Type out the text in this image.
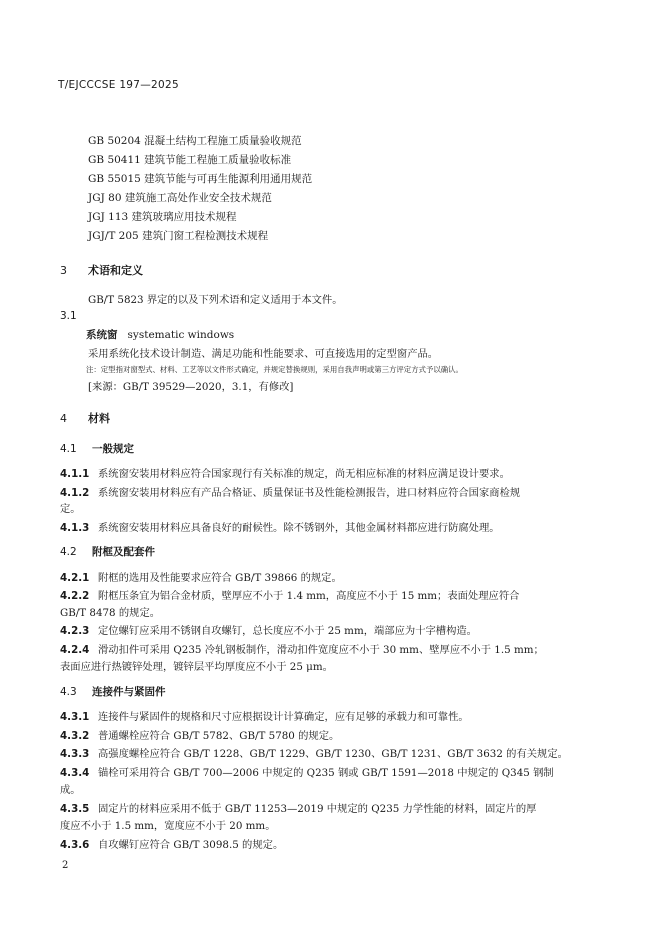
T/EJCCCSE 197—2025
GB 50204 混凝土结构工程施工质量验收规范
GB 50411 建筑节能工程施工质量验收标准
GB 55015 建筑节能与可再生能源利用通用规范
JGJ 80 建筑施工高处作业安全技术规范
JGJ 113 建筑玻璃应用技术规程
JGJ/T 205 建筑门窗工程检测技术规程
3 术语和定义
GB/T 5823 界定的以及下列术语和定义适用于本文件。
3.1
系统窗 systematic windows
采用系统化技术设计制造、满足功能和性能要求、可直接选用的定型窗产品。
注：定型指对窗型式、材料、工艺等以文件形式确定，并规定替换规则，采用自我声明或第三方评定方式予以确认。
[来源：GB/T 39529—2020，3.1，有修改]
4 材料
4.1 一般规定
4.1.1 系统窗安装用材料应符合国家现行有关标准的规定，尚无相应标准的材料应满足设计要求。
4.1.2 系统窗安装用材料应有产品合格证、质量保证书及性能检测报告，进口材料应符合国家商检规
定。
4.1.3 系统窗安装用材料应具备良好的耐候性。除不锈钢外，其他金属材料都应进行防腐处理。
4.2 附框及配套件
4.2.1 附框的选用及性能要求应符合 GB/T 39866 的规定。
4.2.2 附框压条宜为铝合金材质，壁厚应不小于 1.4 mm，高度应不小于 15 mm；表面处理应符合
GB/T 8478 的规定。
4.2.3 定位螺钉应采用不锈钢自攻螺钉，总长度应不小于 25 mm，端部应为十字槽构造。
4.2.4 滑动扣件可采用 Q235 冷轧钢板制作，滑动扣件宽度应不小于 30 mm、壁厚应不小于 1.5 mm；
表面应进行热镀锌处理，镀锌层平均厚度应不小于 25 μm。
4.3 连接件与紧固件
4.3.1 连接件与紧固件的规格和尺寸应根据设计计算确定，应有足够的承载力和可靠性。
4.3.2 普通螺栓应符合 GB/T 5782、GB/T 5780 的规定。
4.3.3 高强度螺栓应符合 GB/T 1228、GB/T 1229、GB/T 1230、GB/T 1231、GB/T 3632 的有关规定。
4.3.4 锚栓可采用符合 GB/T 700—2006 中规定的 Q235 钢或 GB/T 1591—2018 中规定的 Q345 钢制
成。
4.3.5 固定片的材料应采用不低于 GB/T 11253—2019 中规定的 Q235 力学性能的材料，固定片的厚
度应不小于 1.5 mm，宽度应不小于 20 mm。
4.3.6 自攻螺钉应符合 GB/T 3098.5 的规定。
2
